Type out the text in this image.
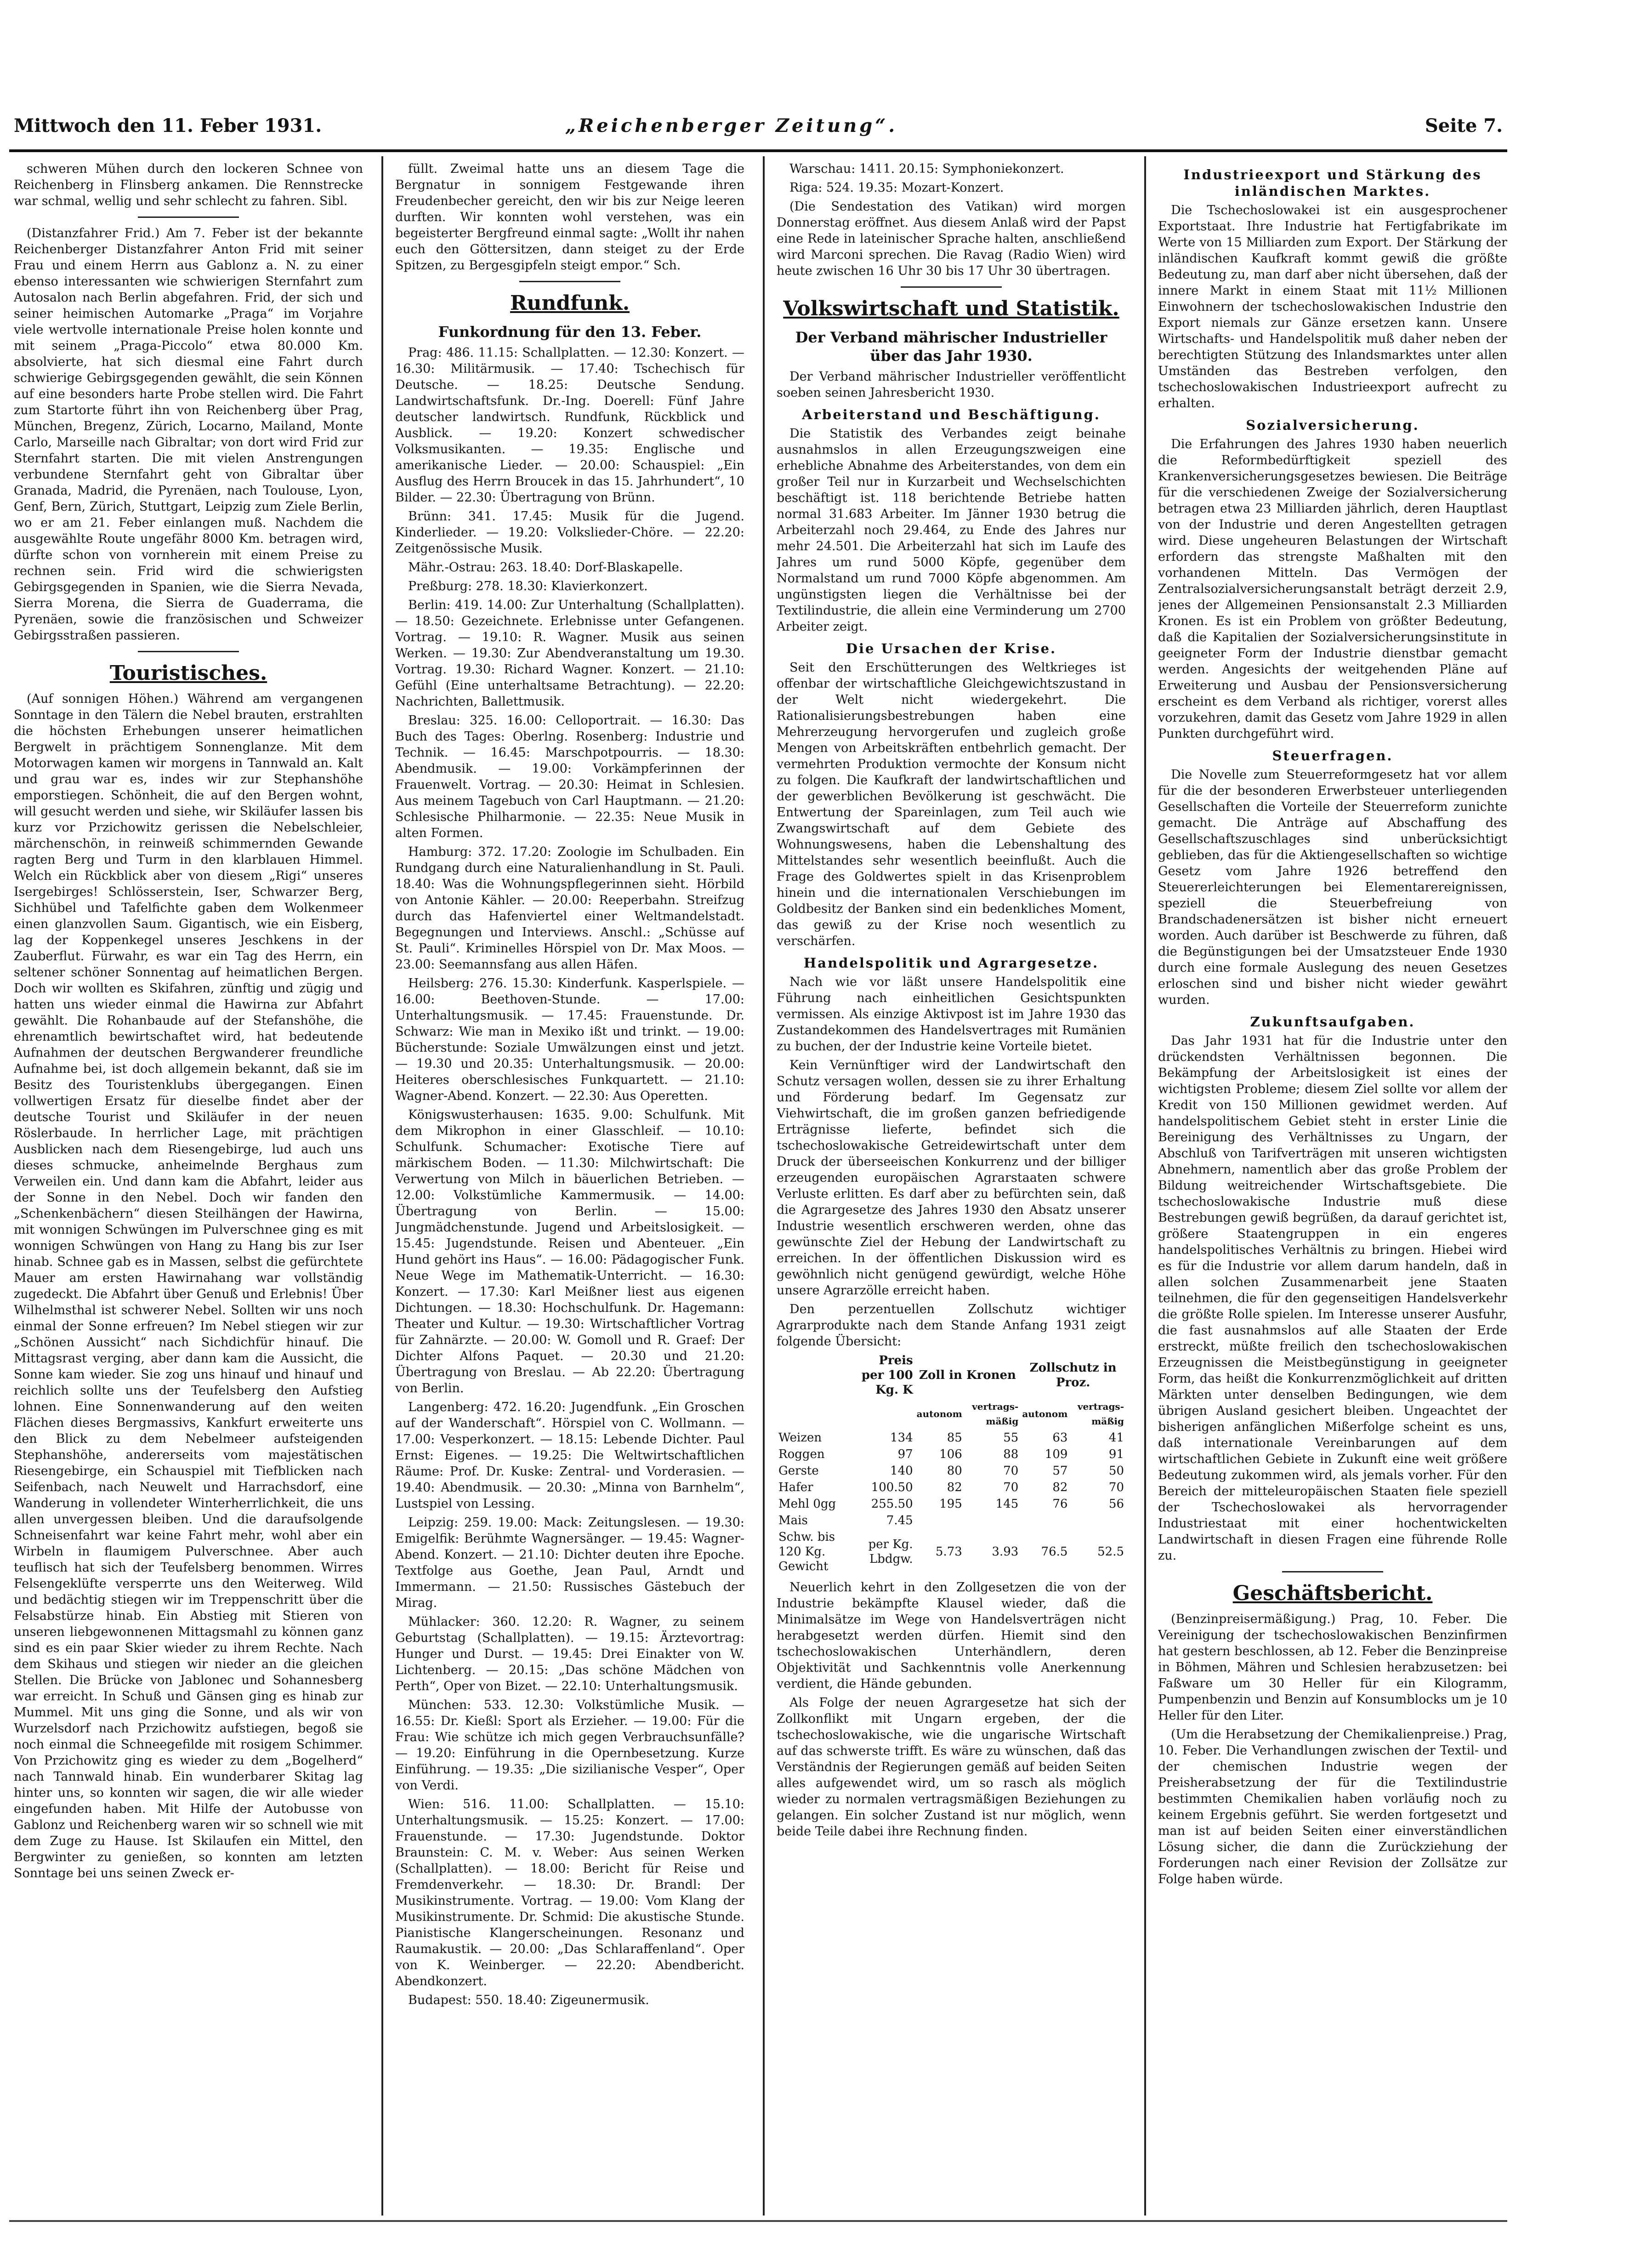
Mittwoch den 11. Feber 1931.	„Reichenberger Zeitung“.	Seite 7.

schweren Mühen durch den lockeren Schnee von Reichenberg in Flinsberg ankamen. Die Rennstrecke war schmal, wellig und sehr schlecht zu fahren. Sibl.

(Distanzfahrer Frid.) Am 7. Feber ist der bekannte Reichenberger Distanzfahrer Anton Frid mit seiner Frau und einem Herrn aus Gablonz a. N. zu einer ebenso interessanten wie schwierigen Sternfahrt zum Autosalon nach Berlin abgefahren. Frid, der sich und seiner heimischen Automarke „Praga“ im Vorjahre viele wertvolle internationale Preise holen konnte und mit seinem „Praga-Piccolo“ etwa 80.000 Km. absolvierte, hat sich diesmal eine Fahrt durch schwierige Gebirgsgegenden gewählt, die sein Können auf eine besonders harte Probe stellen wird. Die Fahrt zum Startorte führt ihn von Reichenberg über Prag, München, Bregenz, Zürich, Locarno, Mailand, Monte Carlo, Marseille nach Gibraltar; von dort wird Frid zur Sternfahrt starten. Die mit vielen Anstrengungen verbundene Sternfahrt geht von Gibraltar über Granada, Madrid, die Pyrenäen, nach Toulouse, Lyon, Genf, Bern, Zürich, Stuttgart, Leipzig zum Ziele Berlin, wo er am 21. Feber einlangen muß. Nachdem die ausgewählte Route ungefähr 8000 Km. betragen wird, dürfte schon von vornherein mit einem Preise zu rechnen sein. Frid wird die schwierigsten Gebirgsgegenden in Spanien, wie die Sierra Nevada, Sierra Morena, die Sierra de Guaderrama, die Pyrenäen, sowie die französischen und Schweizer Gebirgsstraßen passieren.

Touristisches.

(Auf sonnigen Höhen.) Während am vergangenen Sonntage in den Tälern die Nebel brauten, erstrahlten die höchsten Erhebungen unserer heimatlichen Bergwelt in prächtigem Sonnenglanze. Mit dem Motorwagen kamen wir morgens in Tannwald an. Kalt und grau war es, indes wir zur Stephanshöhe emporstiegen. Schönheit, die auf den Bergen wohnt, will gesucht werden und siehe, wir Skiläufer lassen bis kurz vor Przichowitz gerissen die Nebelschleier, märchenschön, in reinweiß schimmernden Gewande ragten Berg und Turm in den klarblauen Himmel. Welch ein Rückblick aber von diesem „Rigi“ unseres Isergebirges! Schlösserstein, Iser, Schwarzer Berg, Sichhübel und Tafelfichte gaben dem Wolkenmeer einen glanzvollen Saum. Gigantisch, wie ein Eisberg, lag der Koppenkegel unseres Jeschkens in der Zauberflut. Fürwahr, es war ein Tag des Herrn, ein seltener schöner Sonnentag auf heimatlichen Bergen. Doch wir wollten es Skifahren, zünftig und zügig und hatten uns wieder einmal die Hawirna zur Abfahrt gewählt. Die Rohanbaude auf der Stefanshöhe, die ehrenamtlich bewirtschaftet wird, hat bedeutende Aufnahmen der deutschen Bergwanderer freundliche Aufnahme bei, ist doch allgemein bekannt, daß sie im Besitz des Touristenklubs übergegangen. Einen vollwertigen Ersatz für dieselbe findet aber der deutsche Tourist und Skiläufer in der neuen Röslerbaude. In herrlicher Lage, mit prächtigen Ausblicken nach dem Riesengebirge, lud auch uns dieses schmucke, anheimelnde Berghaus zum Verweilen ein. Und dann kam die Abfahrt, leider aus der Sonne in den Nebel. Doch wir fanden den „Schenkenbächern“ diesen Steilhängen der Hawirna, mit wonnigen Schwüngen im Pulverschnee ging es mit wonnigen Schwüngen von Hang zu Hang bis zur Iser hinab. Schnee gab es in Massen, selbst die gefürchtete Mauer am ersten Hawirnahang war vollständig zugedeckt. Die Abfahrt über Genuß und Erlebnis! Über Wilhelmsthal ist schwerer Nebel. Sollten wir uns noch einmal der Sonne erfreuen? Im Nebel stiegen wir zur „Schönen Aussicht“ nach Sichdichfür hinauf. Die Mittagsrast verging, aber dann kam die Aussicht, die Sonne kam wieder. Sie zog uns hinauf und hinauf und reichlich sollte uns der Teufelsberg den Aufstieg lohnen. Eine Sonnenwanderung auf den weiten Flächen dieses Bergmassivs, Kankfurt erweiterte uns den Blick zu dem Nebelmeer aufsteigenden Stephanshöhe, andererseits vom majestätischen Riesengebirge, ein Schauspiel mit Tiefblicken nach Seifenbach, nach Neuwelt und Harrachsdorf, eine Wanderung in vollendeter Winterherrlichkeit, die uns allen unvergessen bleiben. Und die daraufsolgende Schneisenfahrt war keine Fahrt mehr, wohl aber ein Wirbeln in flaumigem Pulverschnee. Aber auch teuflisch hat sich der Teufelsberg benommen. Wirres Felsengeklüfte versperrte uns den Weiterweg. Wild und bedächtig stiegen wir im Treppenschritt über die Felsabstürze hinab. Ein Abstieg mit Stieren von unseren liebgewonnenen Mittagsmahl zu können ganz sind es ein paar Skier wieder zu ihrem Rechte. Nach dem Skihaus und stiegen wir nieder an die gleichen Stellen. Die Brücke von Jablonec und Sohannesberg war erreicht. In Schuß und Gänsen ging es hinab zur Mummel. Mit uns ging die Sonne, und als wir von Wurzelsdorf nach Przichowitz aufstiegen, begoß sie noch einmal die Schneegefilde mit rosigem Schimmer. Von Przichowitz ging es wieder zu dem „Bogelherd“ nach Tannwald hinab. Ein wunderbarer Skitag lag hinter uns, so konnten wir sagen, die wir alle wieder eingefunden haben. Mit Hilfe der Autobusse von Gablonz und Reichenberg waren wir so schnell wie mit dem Zuge zu Hause. Ist Skilaufen ein Mittel, den Bergwinter zu genießen, so konnten am letzten Sonntage bei uns seinen Zweck er-

füllt. Zweimal hatte uns an diesem Tage die Bergnatur in sonnigem Festgewande ihren Freudenbecher gereicht, den wir bis zur Neige leeren durften. Wir konnten wohl verstehen, was ein begeisterter Bergfreund einmal sagte: „Wollt ihr nahen euch den Göttersitzen, dann steiget zu der Erde Spitzen, zu Bergesgipfeln steigt empor.“ Sch.

Rundfunk.
Funkordnung für den 13. Feber.

Prag: 486. 11.15: Schallplatten. — 12.30: Konzert. — 16.30: Militärmusik. — 17.40: Tschechisch für Deutsche. — 18.25: Deutsche Sendung. Landwirtschaftsfunk. Dr.-Ing. Doerell: Fünf Jahre deutscher landwirtsch. Rundfunk, Rückblick und Ausblick. — 19.20: Konzert schwedischer Volksmusikanten. — 19.35: Englische und amerikanische Lieder. — 20.00: Schauspiel: „Ein Ausflug des Herrn Broucek in das 15. Jahrhundert“, 10 Bilder. — 22.30: Übertragung von Brünn.

Brünn: 341. 17.45: Musik für die Jugend. Kinderlieder. — 19.20: Volkslieder-Chöre. — 22.20: Zeitgenössische Musik.

Mähr.-Ostrau: 263. 18.40: Dorf-Blaskapelle.

Preßburg: 278. 18.30: Klavierkonzert.

Berlin: 419. 14.00: Zur Unterhaltung (Schallplatten). — 18.50: Gezeichnete. Erlebnisse unter Gefangenen. Vortrag. — 19.10: R. Wagner. Musik aus seinen Werken. — 19.30: Zur Abendveranstaltung um 19.30. Vortrag. 19.30: Richard Wagner. Konzert. — 21.10: Gefühl (Eine unterhaltsame Betrachtung). — 22.20: Nachrichten, Ballettmusik.

Breslau: 325. 16.00: Celloportrait. — 16.30: Das Buch des Tages: Oberlng. Rosenberg: Industrie und Technik. — 16.45: Marschpotpourris. — 18.30: Abendmusik. — 19.00: Vorkämpferinnen der Frauenwelt. Vortrag. — 20.30: Heimat in Schlesien. Aus meinem Tagebuch von Carl Hauptmann. — 21.20: Schlesische Philharmonie. — 22.35: Neue Musik in alten Formen.

Hamburg: 372. 17.20: Zoologie im Schulbaden. Ein Rundgang durch eine Naturalienhandlung in St. Pauli. 18.40: Was die Wohnungspflegerinnen sieht. Hörbild von Antonie Kähler. — 20.00: Reeperbahn. Streifzug durch das Hafenviertel einer Weltmandelstadt. Begegnungen und Interviews. Anschl.: „Schüsse auf St. Pauli“. Kriminelles Hörspiel von Dr. Max Moos. — 23.00: Seemannsfang aus allen Häfen.

Heilsberg: 276. 15.30: Kinderfunk. Kasperlspiele. — 16.00: Beethoven-Stunde. — 17.00: Unterhaltungsmusik. — 17.45: Frauenstunde. Dr. Schwarz: Wie man in Mexiko ißt und trinkt. — 19.00: Bücherstunde: Soziale Umwälzungen einst und jetzt. — 19.30 und 20.35: Unterhaltungsmusik. — 20.00: Heiteres oberschlesisches Funkquartett. — 21.10: Wagner-Abend. Konzert. — 22.30: Aus Operetten.

Königswusterhausen: 1635. 9.00: Schulfunk. Mit dem Mikrophon in einer Glasschleif. — 10.10: Schulfunk. Schumacher: Exotische Tiere auf märkischem Boden. — 11.30: Milchwirtschaft: Die Verwertung von Milch in bäuerlichen Betrieben. — 12.00: Volkstümliche Kammermusik. — 14.00: Übertragung von Berlin. — 15.00: Jungmädchenstunde. Jugend und Arbeitslosigkeit. — 15.45: Jugendstunde. Reisen und Abenteuer. „Ein Hund gehört ins Haus“. — 16.00: Pädagogischer Funk. Neue Wege im Mathematik-Unterricht. — 16.30: Konzert. — 17.30: Karl Meißner liest aus eigenen Dichtungen. — 18.30: Hochschulfunk. Dr. Hagemann: Theater und Kultur. — 19.30: Wirtschaftlicher Vortrag für Zahnärzte. — 20.00: W. Gomoll und R. Graef: Der Dichter Alfons Paquet. — 20.30 und 21.20: Übertragung von Breslau. — Ab 22.20: Übertragung von Berlin.

Langenberg: 472. 16.20: Jugendfunk. „Ein Groschen auf der Wanderschaft“. Hörspiel von C. Wollmann. — 17.00: Vesperkonzert. — 18.15: Lebende Dichter. Paul Ernst: Eigenes. — 19.25: Die Weltwirtschaftlichen Räume: Prof. Dr. Kuske: Zentral- und Vorderasien. — 19.40: Abendmusik. — 20.30: „Minna von Barnhelm“, Lustspiel von Lessing.

Leipzig: 259. 19.00: Mack: Zeitungslesen. — 19.30: Emigelfik: Berühmte Wagnersänger. — 19.45: Wagner-Abend. Konzert. — 21.10: Dichter deuten ihre Epoche. Textfolge aus Goethe, Jean Paul, Arndt und Immermann. — 21.50: Russisches Gästebuch der Mirag.

Mühlacker: 360. 12.20: R. Wagner, zu seinem Geburtstag (Schallplatten). — 19.15: Ärztevortrag: Hunger und Durst. — 19.45: Drei Einakter von W. Lichtenberg. — 20.15: „Das schöne Mädchen von Perth“, Oper von Bizet. — 22.10: Unterhaltungsmusik.

München: 533. 12.30: Volkstümliche Musik. — 16.55: Dr. Kießl: Sport als Erzieher. — 19.00: Für die Frau: Wie schütze ich mich gegen Verbrauchsunfälle? — 19.20: Einführung in die Opernbesetzung. Kurze Einführung. — 19.35: „Die sizilianische Vesper“, Oper von Verdi.

Wien: 516. 11.00: Schallplatten. — 15.10: Unterhaltungsmusik. — 15.25: Konzert. — 17.00: Frauenstunde. — 17.30: Jugendstunde. Doktor Braunstein: C. M. v. Weber: Aus seinen Werken (Schallplatten). — 18.00: Bericht für Reise und Fremdenverkehr. — 18.30: Dr. Brandl: Der Musikinstrumente. Vortrag. — 19.00: Vom Klang der Musikinstrumente. Dr. Schmid: Die akustische Stunde. Pianistische Klangerscheinungen. Resonanz und Raumakustik. — 20.00: „Das Schlaraffenland“. Oper von K. Weinberger. — 22.20: Abendbericht. Abendkonzert.

Budapest: 550. 18.40: Zigeunermusik.

Warschau: 1411. 20.15: Symphoniekonzert.

Riga: 524. 19.35: Mozart-Konzert.

(Die Sendestation des Vatikan) wird morgen Donnerstag eröffnet. Aus diesem Anlaß wird der Papst eine Rede in lateinischer Sprache halten, anschließend wird Marconi sprechen. Die Ravag (Radio Wien) wird heute zwischen 16 Uhr 30 bis 17 Uhr 30 übertragen.

Volkswirtschaft und Statistik.
Der Verband mährischer Industrieller über das Jahr 1930.

Der Verband mährischer Industrieller veröffentlicht soeben seinen Jahresbericht 1930.

Arbeiterstand und Beschäftigung.

Die Statistik des Verbandes zeigt beinahe ausnahmslos in allen Erzeugungszweigen eine erhebliche Abnahme des Arbeiterstandes, von dem ein großer Teil nur in Kurzarbeit und Wechselschichten beschäftigt ist. 118 berichtende Betriebe hatten normal 31.683 Arbeiter. Im Jänner 1930 betrug die Arbeiterzahl noch 29.464, zu Ende des Jahres nur mehr 24.501. Die Arbeiterzahl hat sich im Laufe des Jahres um rund 5000 Köpfe, gegenüber dem Normalstand um rund 7000 Köpfe abgenommen. Am ungünstigsten liegen die Verhältnisse bei der Textilindustrie, die allein eine Verminderung um 2700 Arbeiter zeigt.

Die Ursachen der Krise.

Seit den Erschütterungen des Weltkrieges ist offenbar der wirtschaftliche Gleichgewichtszustand in der Welt nicht wiedergekehrt. Die Rationalisierungsbestrebungen haben eine Mehrerzeugung hervorgerufen und zugleich große Mengen von Arbeitskräften entbehrlich gemacht. Der vermehrten Produktion vermochte der Konsum nicht zu folgen. Die Kaufkraft der landwirtschaftlichen und der gewerblichen Bevölkerung ist geschwächt. Die Entwertung der Spareinlagen, zum Teil auch wie Zwangswirtschaft auf dem Gebiete des Wohnungswesens, haben die Lebenshaltung des Mittelstandes sehr wesentlich beeinflußt. Auch die Frage des Goldwertes spielt in das Krisenproblem hinein und die internationalen Verschiebungen im Goldbesitz der Banken sind ein bedenkliches Moment, das gewiß zu der Krise noch wesentlich zu verschärfen.

Handelspolitik und Agrargesetze.

Nach wie vor läßt unsere Handelspolitik eine Führung nach einheitlichen Gesichtspunkten vermissen. Als einzige Aktivpost ist im Jahre 1930 das Zustandekommen des Handelsvertrages mit Rumänien zu buchen, der der Industrie keine Vorteile bietet.

Kein Vernünftiger wird der Landwirtschaft den Schutz versagen wollen, dessen sie zu ihrer Erhaltung und Förderung bedarf. Im Gegensatz zur Viehwirtschaft, die im großen ganzen befriedigende Erträgnisse lieferte, befindet sich die tschechoslowakische Getreidewirtschaft unter dem Druck der überseeischen Konkurrenz und der billiger erzeugenden europäischen Agrarstaaten schwere Verluste erlitten. Es darf aber zu befürchten sein, daß die Agrargesetze des Jahres 1930 den Absatz unserer Industrie wesentlich erschweren werden, ohne das gewünschte Ziel der Hebung der Landwirtschaft zu erreichen. In der öffentlichen Diskussion wird es gewöhnlich nicht genügend gewürdigt, welche Höhe unsere Agrarzölle erreicht haben.

Den perzentuellen Zollschutz wichtiger Agrarprodukte nach dem Stande Anfang 1931 zeigt folgende Übersicht:

	Preis per 100 Kg. K	Zoll in Kronen		Zollschutz in Proz.	
		autonom	vertrags-mäßig	autonom	vertrags-mäßig
Weizen	134	85	55	63	41
Roggen	97	106	88	109	91
Gerste	140	80	70	57	50
Hafer	100.50	82	70	82	70
Mehl 0gg	255.50	195	145	76	56
Mais	7.45				
Schw. bis 120 Kg. Gewicht	per Kg. Lbdgw.	5.73	3.93	76.5	52.5

Neuerlich kehrt in den Zollgesetzen die von der Industrie bekämpfte Klausel wieder, daß die Minimalsätze im Wege von Handelsverträgen nicht herabgesetzt werden dürfen. Hiemit sind den tschechoslowakischen Unterhändlern, deren Objektivität und Sachkenntnis volle Anerkennung verdient, die Hände gebunden.

Als Folge der neuen Agrargesetze hat sich der Zollkonflikt mit Ungarn ergeben, der die tschechoslowakische, wie die ungarische Wirtschaft auf das schwerste trifft. Es wäre zu wünschen, daß das Verständnis der Regierungen gemäß auf beiden Seiten alles aufgewendet wird, um so rasch als möglich wieder zu normalen vertragsmäßigen Beziehungen zu gelangen. Ein solcher Zustand ist nur möglich, wenn beide Teile dabei ihre Rechnung finden.

Industrieexport und Stärkung des inländischen Marktes.

Die Tschechoslowakei ist ein ausgesprochener Exportstaat. Ihre Industrie hat Fertigfabrikate im Werte von 15 Milliarden zum Export. Der Stärkung der inländischen Kaufkraft kommt gewiß die größte Bedeutung zu, man darf aber nicht übersehen, daß der innere Markt in einem Staat mit 11½ Millionen Einwohnern der tschechoslowakischen Industrie den Export niemals zur Gänze ersetzen kann. Unsere Wirtschafts- und Handelspolitik muß daher neben der berechtigten Stützung des Inlandsmarktes unter allen Umständen das Bestreben verfolgen, den tschechoslowakischen Industrieexport aufrecht zu erhalten.

Sozialversicherung.

Die Erfahrungen des Jahres 1930 haben neuerlich die Reformbedürftigkeit speziell des Krankenversicherungsgesetzes bewiesen. Die Beiträge für die verschiedenen Zweige der Sozialversicherung betragen etwa 23 Milliarden jährlich, deren Hauptlast von der Industrie und deren Angestellten getragen wird. Diese ungeheuren Belastungen der Wirtschaft erfordern das strengste Maßhalten mit den vorhandenen Mitteln. Das Vermögen der Zentralsozialversicherungsanstalt beträgt derzeit 2.9, jenes der Allgemeinen Pensionsanstalt 2.3 Milliarden Kronen. Es ist ein Problem von größter Bedeutung, daß die Kapitalien der Sozialversicherungsinstitute in geeigneter Form der Industrie dienstbar gemacht werden. Angesichts der weitgehenden Pläne auf Erweiterung und Ausbau der Pensionsversicherung erscheint es dem Verband als richtiger, vorerst alles vorzukehren, damit das Gesetz vom Jahre 1929 in allen Punkten durchgeführt wird.

Steuerfragen.

Die Novelle zum Steuerreformgesetz hat vor allem für die der besonderen Erwerbsteuer unterliegenden Gesellschaften die Vorteile der Steuerreform zunichte gemacht. Die Anträge auf Abschaffung des Gesellschaftszuschlages sind unberücksichtigt geblieben, das für die Aktiengesellschaften so wichtige Gesetz vom Jahre 1926 betreffend den Steuererleichterungen bei Elementarereignissen, speziell die Steuerbefreiung von Brandschadenersätzen ist bisher nicht erneuert worden. Auch darüber ist Beschwerde zu führen, daß die Begünstigungen bei der Umsatzsteuer Ende 1930 durch eine formale Auslegung des neuen Gesetzes erloschen sind und bisher nicht wieder gewährt wurden.

Zukunftsaufgaben.

Das Jahr 1931 hat für die Industrie unter den drückendsten Verhältnissen begonnen. Die Bekämpfung der Arbeitslosigkeit ist eines der wichtigsten Probleme; diesem Ziel sollte vor allem der Kredit von 150 Millionen gewidmet werden. Auf handelspolitischem Gebiet steht in erster Linie die Bereinigung des Verhältnisses zu Ungarn, der Abschluß von Tarifverträgen mit unseren wichtigsten Abnehmern, namentlich aber das große Problem der Bildung weitreichender Wirtschaftsgebiete. Die tschechoslowakische Industrie muß diese Bestrebungen gewiß begrüßen, da darauf gerichtet ist, größere Staatengruppen in ein engeres handelspolitisches Verhältnis zu bringen. Hiebei wird es für die Industrie vor allem darum handeln, daß in allen solchen Zusammenarbeit jene Staaten teilnehmen, die für den gegenseitigen Handelsverkehr die größte Rolle spielen. Im Interesse unserer Ausfuhr, die fast ausnahmslos auf alle Staaten der Erde erstreckt, müßte freilich den tschechoslowakischen Erzeugnissen die Meistbegünstigung in geeigneter Form, das heißt die Konkurrenzmöglichkeit auf dritten Märkten unter denselben Bedingungen, wie dem übrigen Ausland gesichert bleiben. Ungeachtet der bisherigen anfänglichen Mißerfolge scheint es uns, daß internationale Vereinbarungen auf dem wirtschaftlichen Gebiete in Zukunft eine weit größere Bedeutung zukommen wird, als jemals vorher. Für den Bereich der mitteleuropäischen Staaten fiele speziell der Tschechoslowakei als hervorragender Industriestaat mit einer hochentwickelten Landwirtschaft in diesen Fragen eine führende Rolle zu.

Geschäftsbericht.

(Benzinpreisermäßigung.) Prag, 10. Feber. Die Vereinigung der tschechoslowakischen Benzinfirmen hat gestern beschlossen, ab 12. Feber die Benzinpreise in Böhmen, Mähren und Schlesien herabzusetzen: bei Faßware um 30 Heller für ein Kilogramm, Pumpenbenzin und Benzin auf Konsumblocks um je 10 Heller für den Liter.

(Um die Herabsetzung der Chemikalienpreise.) Prag, 10. Feber. Die Verhandlungen zwischen der Textil- und der chemischen Industrie wegen der Preisherabsetzung der für die Textilindustrie bestimmten Chemikalien haben vorläufig noch zu keinem Ergebnis geführt. Sie werden fortgesetzt und man ist auf beiden Seiten einer einverständlichen Lösung sicher, die dann die Zurückziehung der Forderungen nach einer Revision der Zollsätze zur Folge haben würde.
